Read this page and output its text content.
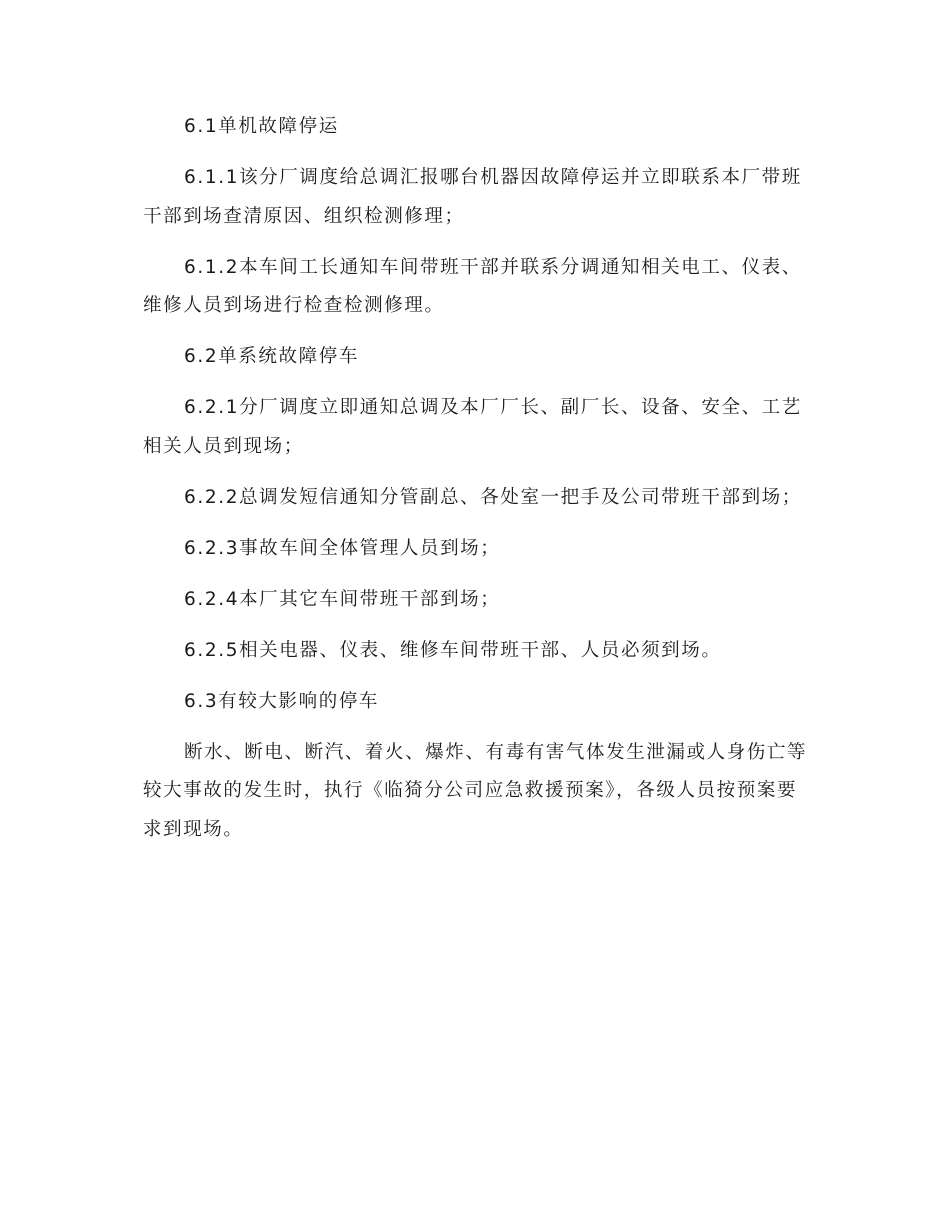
6.1单机故障停运

6.1.1该分厂调度给总调汇报哪台机器因故障停运并立即联系本厂带班干部到场查清原因、组织检测修理；

6.1.2本车间工长通知车间带班干部并联系分调通知相关电工、仪表、维修人员到场进行检查检测修理。

6.2单系统故障停车

6.2.1分厂调度立即通知总调及本厂厂长、副厂长、设备、安全、工艺相关人员到现场；

6.2.2总调发短信通知分管副总、各处室一把手及公司带班干部到场；

6.2.3事故车间全体管理人员到场；

6.2.4本厂其它车间带班干部到场；

6.2.5相关电器、仪表、维修车间带班干部、人员必须到场。

6.3有较大影响的停车

断水、断电、断汽、着火、爆炸、有毒有害气体发生泄漏或人身伤亡等较大事故的发生时，执行《临猗分公司应急救援预案》，各级人员按预案要求到现场。
